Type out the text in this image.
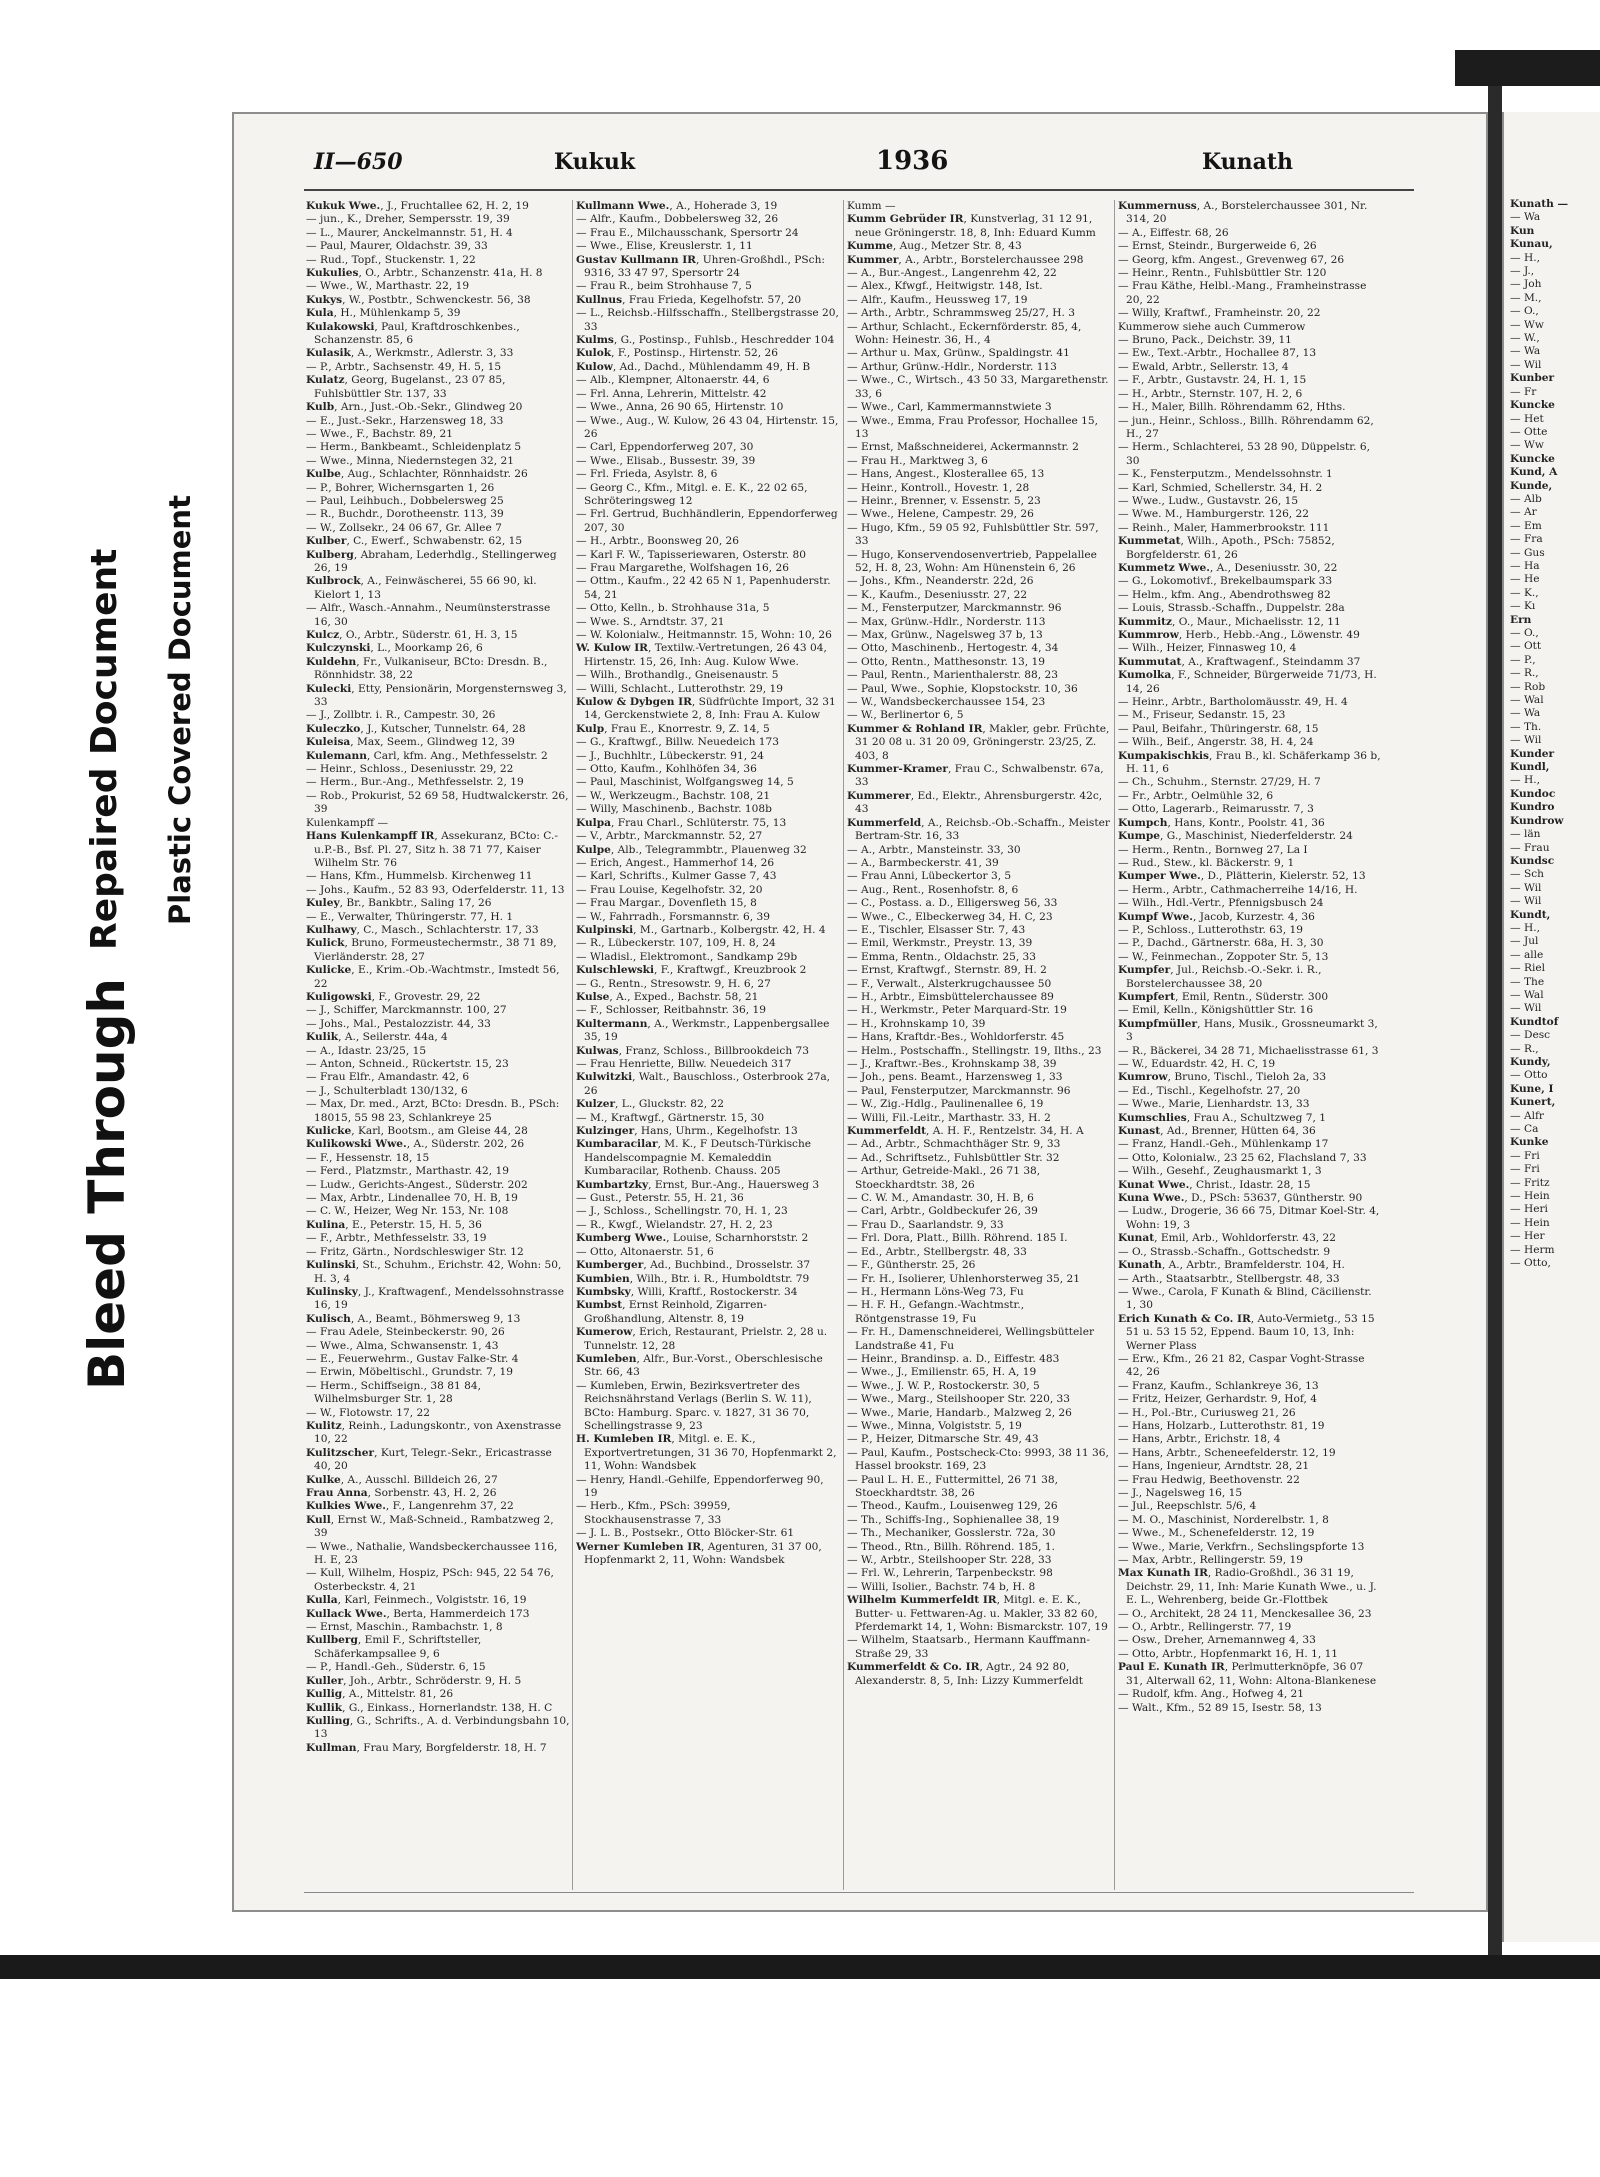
Bleed Through
Repaired Document Plastic Covered Document
II—650	Kukuk	1936	Kunath
Kukuk Wwe., J., Fruchtallee 62, H. 2, 19
— jun., K., Dreher, Sempersstr. 19, 39
— L., Maurer, Anckelmannstr. 51, H. 4
— Paul, Maurer, Oldachstr. 39, 33
— Rud., Topf., Stuckenstr. 1, 22
Kukulies, O., Arbtr., Schanzenstr. 41a, H. 8
— Wwe., W., Marthastr. 22, 19
Kukys, W., Postbtr., Schwenckestr. 56, 38
Kula, H., Mühlenkamp 5, 39
Kulakowski, Paul, Kraftdroschkenbes., Schanzenstr. 85, 6
Kulasik, A., Werkmstr., Adlerstr. 3, 33
— P., Arbtr., Sachsenstr. 49, H. 5, 15
Kulatz, Georg, Bugelanst., 23 07 85, Fuhlsbüttler Str. 137, 33
Kulb, Arn., Just.-Ob.-Sekr., Glindweg 20
— E., Just.-Sekr., Harzensweg 18, 33
— Wwe., F., Bachstr. 89, 21
— Herm., Bankbeamt., Schleidenplatz 5
— Wwe., Minna, Niedernstegen 32, 21
Kulbe, Aug., Schlachter, Rönnhaidstr. 26
— P., Bohrer, Wichernsgarten 1, 26
— Paul, Leihbuch., Dobbelersweg 25
— R., Buchdr., Dorotheenstr. 113, 39
— W., Zollsekr., 24 06 67, Gr. Allee 7
Kulber, C., Ewerf., Schwabenstr. 62, 15
Kulberg, Abraham, Lederhdlg., Stellingerweg 26, 19
Kulbrock, A., Feinwäscherei, 55 66 90, kl. Kielort 1, 13
— Alfr., Wasch.-Annahm., Neumünsterstrasse 16, 30
Kulcz, O., Arbtr., Süderstr. 61, H. 3, 15
Kulczynski, L., Moorkamp 26, 6
Kuldehn, Fr., Vulkaniseur, BCto: Dresdn. B., Rönnhidstr. 38, 22
Kulecki, Etty, Pensionärin, Morgensternsweg 3, 33
— J., Zollbtr. i. R., Campestr. 30, 26
Kuleczko, J., Kutscher, Tunnelstr. 64, 28
Kuleisa, Max, Seem., Glindweg 12, 39
Kulemann, Carl, kfm. Ang., Methfesselstr. 2
— Heinr., Schloss., Deseniusstr. 29, 22
— Herm., Bur.-Ang., Methfesselstr. 2, 19
— Rob., Prokurist, 52 69 58, Hudtwalckerstr. 26, 39
Kulenkampff —
Hans Kulenkampff IR, Assekuranz, BCto: C.-u.P.-B., Bsf. Pl. 27, Sitz h. 38 71 77, Kaiser Wilhelm Str. 76
— Hans, Kfm., Hummelsb. Kirchenweg 11
— Johs., Kaufm., 52 83 93, Oderfelderstr. 11, 13
Kuley, Br., Bankbtr., Saling 17, 26
— E., Verwalter, Thüringerstr. 77, H. 1
Kulhawy, C., Masch., Schlachterstr. 17, 33
Kulick, Bruno, Formeustechermstr., 38 71 89, Vierländerstr. 28, 27
Kulicke, E., Krim.-Ob.-Wachtmstr., Imstedt 56, 22
Kuligowski, F., Grovestr. 29, 22
— J., Schiffer, Marckmannstr. 100, 27
— Johs., Mal., Pestalozzistr. 44, 33
Kulik, A., Seilerstr. 44a, 4
— A., Idastr. 23/25, 15
— Anton, Schneid., Rückertstr. 15, 23
— Frau Elfr., Amandastr. 42, 6
— J., Schulterbladt 130/132, 6
— Max, Dr. med., Arzt, BCto: Dresdn. B., PSch: 18015, 55 98 23, Schlankreye 25
Kulicke, Karl, Bootsm., am Gleise 44, 28
Kulikowski Wwe., A., Süderstr. 202, 26
— F., Hessenstr. 18, 15
— Ferd., Platzmstr., Marthastr. 42, 19
— Ludw., Gerichts-Angest., Süderstr. 202
— Max, Arbtr., Lindenallee 70, H. B, 19
— C. W., Heizer, Weg Nr. 153, Nr. 108
Kulina, E., Peterstr. 15, H. 5, 36
— F., Arbtr., Methfesselstr. 33, 19
— Fritz, Gärtn., Nordschleswiger Str. 12
Kulinski, St., Schuhm., Erichstr. 42, Wohn: 50, H. 3, 4
Kulinsky, J., Kraftwagenf., Mendelssohnstrasse 16, 19
Kulisch, A., Beamt., Böhmersweg 9, 13
— Frau Adele, Steinbeckerstr. 90, 26
— Wwe., Alma, Schwansenstr. 1, 43
— E., Feuerwehrm., Gustav Falke-Str. 4
— Erwin, Möbeltischl., Grundstr. 7, 19
— Herm., Schiffseign., 38 81 84, Wilhelmsburger Str. 1, 28
— W., Flotowstr. 17, 22
Kulitz, Reinh., Ladungskontr., von Axenstrasse 10, 22
Kulitzscher, Kurt, Telegr.-Sekr., Ericastrasse 40, 20
Kulke, A., Ausschl. Billdeich 26, 27
Frau Anna, Sorbenstr. 43, H. 2, 26
Kulkies Wwe., F., Langenrehm 37, 22
Kull, Ernst W., Maß-Schneid., Rambatzweg 2, 39
— Wwe., Nathalie, Wandsbeckerchaussee 116, H. E, 23
— Kull, Wilhelm, Hospiz, PSch: 945, 22 54 76, Osterbeckstr. 4, 21
Kulla, Karl, Feinmech., Volgiststr. 16, 19
Kullack Wwe., Berta, Hammerdeich 173
— Ernst, Maschin., Rambachstr. 1, 8
Kullberg, Emil F., Schriftsteller, Schäferkampsallee 9, 6
— P., Handl.-Geh., Süderstr. 6, 15
Kuller, Joh., Arbtr., Schröderstr. 9, H. 5
Kullig, A., Mittelstr. 81, 26
Kullik, G., Einkass., Hornerlandstr. 138, H. C
Kulling, G., Schrifts., A. d. Verbindungsbahn 10, 13
Kullman, Frau Mary, Borgfelderstr. 18, H. 7
Kullmann Wwe., A., Hoherade 3, 19
— Alfr., Kaufm., Dobbelersweg 32, 26
— Frau E., Milchausschank, Spersortr 24
— Wwe., Elise, Kreuslerstr. 1, 11
Gustav Kullmann IR, Uhren-Großhdl., PSch: 9316, 33 47 97, Spersortr 24
— Frau R., beim Strohhause 7, 5
Kullnus, Frau Frieda, Kegelhofstr. 57, 20
— L., Reichsb.-Hilfsschaffn., Stellbergstrasse 20, 33
Kulms, G., Postinsp., Fuhlsb., Heschredder 104
Kulok, F., Postinsp., Hirtenstr. 52, 26
Kulow, Ad., Dachd., Mühlendamm 49, H. B
— Alb., Klempner, Altonaerstr. 44, 6
— Frl. Anna, Lehrerin, Mittelstr. 42
— Wwe., Anna, 26 90 65, Hirtenstr. 10
— Wwe., Aug., W. Kulow, 26 43 04, Hirtenstr. 15, 26
— Carl, Eppendorferweg 207, 30
— Wwe., Elisab., Bussestr. 39, 39
— Frl. Frieda, Asylstr. 8, 6
— Georg C., Kfm., Mitgl. e. E. K., 22 02 65, Schröteringsweg 12
— Frl. Gertrud, Buchhändlerin, Eppendorferweg 207, 30
— H., Arbtr., Boonsweg 20, 26
— Karl F. W., Tapisseriewaren, Osterstr. 80
— Frau Margarethe, Wolfshagen 16, 26
— Ottm., Kaufm., 22 42 65 N 1, Papenhuderstr. 54, 21
— Otto, Kelln., b. Strohhause 31a, 5
— Wwe. S., Arndtstr. 37, 21
— W. Kolonialw., Heitmannstr. 15, Wohn: 10, 26
W. Kulow IR, Textilw.-Vertretungen, 26 43 04, Hirtenstr. 15, 26, Inh: Aug. Kulow Wwe.
— Wilh., Brothandlg., Gneisenaustr. 5
— Willi, Schlacht., Lutterothstr. 29, 19
Kulow & Dybgen IR, Südfrüchte Import, 32 31 14, Gerckenstwiete 2, 8, Inh: Frau A. Kulow
Kulp, Frau E., Knorrestr. 9, Z. 14, 5
— G., Kraftwgf., Billw. Neuedeich 173
— J., Buchhltr., Lübeckerstr. 91, 24
— Otto, Kaufm., Kohlhöfen 34, 36
— Paul, Maschinist, Wolfgangsweg 14, 5
— W., Werkzeugm., Bachstr. 108, 21
— Willy, Maschinenb., Bachstr. 108b
Kulpa, Frau Charl., Schlüterstr. 75, 13
— V., Arbtr., Marckmannstr. 52, 27
Kulpe, Alb., Telegrammbtr., Plauenweg 32
— Erich, Angest., Hammerhof 14, 26
— Karl, Schrifts., Kulmer Gasse 7, 43
— Frau Louise, Kegelhofstr. 32, 20
— Frau Margar., Dovenfleth 15, 8
— W., Fahrradh., Forsmannstr. 6, 39
Kulpinski, M., Gartnarb., Kolbergstr. 42, H. 4
— R., Lübeckerstr. 107, 109, H. 8, 24
— Wladisl., Elektromont., Sandkamp 29b
Kulschlewski, F., Kraftwgf., Kreuzbrook 2
— G., Rentn., Stresowstr. 9, H. 6, 27
Kulse, A., Exped., Bachstr. 58, 21
— F., Schlosser, Reitbahnstr. 36, 19
Kultermann, A., Werkmstr., Lappenbergsallee 35, 19
Kulwas, Franz, Schloss., Billbrookdeich 73
— Frau Henriette, Billw. Neuedeich 317
Kulwitzki, Walt., Bauschloss., Osterbrook 27a, 26
Kulzer, L., Gluckstr. 82, 22
— M., Kraftwgf., Gärtnerstr. 15, 30
Kulzinger, Hans, Uhrm., Kegelhofstr. 13
Kumbaracilar, M. K., F Deutsch-Türkische Handelscompagnie M. Kemaleddin Kumbaracilar, Rothenb. Chauss. 205
Kumbartzky, Ernst, Bur.-Ang., Hauersweg 3
— Gust., Peterstr. 55, H. 21, 36
— J., Schloss., Schellingstr. 70, H. 1, 23
— R., Kwgf., Wielandstr. 27, H. 2, 23
Kumberg Wwe., Louise, Scharnhorststr. 2
— Otto, Altonaerstr. 51, 6
Kumberger, Ad., Buchbind., Drosselstr. 37
Kumbien, Wilh., Btr. i. R., Humboldtstr. 79
Kumbsky, Willi, Kraftf., Rostockerstr. 34
Kumbst, Ernst Reinhold, Zigarren-Großhandlung, Altenstr. 8, 19
Kumerow, Erich, Restaurant, Prielstr. 2, 28 u. Tunnelstr. 12, 28
Kumleben, Alfr., Bur.-Vorst., Oberschlesische Str. 66, 43
— Kumleben, Erwin, Bezirksvertreter des Reichsnährstand Verlags (Berlin S. W. 11), BCto: Hamburg. Sparc. v. 1827, 31 36 70, Schellingstrasse 9, 23
H. Kumleben IR, Mitgl. e. E. K., Exportvertretungen, 31 36 70, Hopfenmarkt 2, 11, Wohn: Wandsbek
— Henry, Handl.-Gehilfe, Eppendorferweg 90, 19
— Herb., Kfm., PSch: 39959, Stockhausenstrasse 7, 33
— J. L. B., Postsekr., Otto Blöcker-Str. 61
Werner Kumleben IR, Agenturen, 31 37 00, Hopfenmarkt 2, 11, Wohn: Wandsbek
Kumm —
Kumm Gebrüder IR, Kunstverlag, 31 12 91, neue Gröningerstr. 18, 8, Inh: Eduard Kumm
Kumme, Aug., Metzer Str. 8, 43
Kummer, A., Arbtr., Borstelerchaussee 298
— A., Bur.-Angest., Langenrehm 42, 22
— Alex., Kfwgf., Heitwigstr. 148, Ist.
— Alfr., Kaufm., Heussweg 17, 19
— Arth., Arbtr., Schrammsweg 25/27, H. 3
— Arthur, Schlacht., Eckernförderstr. 85, 4, Wohn: Heinestr. 36, H., 4
— Arthur u. Max, Grünw., Spaldingstr. 41
— Arthur, Grünw.-Hdlr., Norderstr. 113
— Wwe., C., Wirtsch., 43 50 33, Margarethenstr. 33, 6
— Wwe., Carl, Kammermannstwiete 3
— Wwe., Emma, Frau Professor, Hochallee 15, 13
— Ernst, Maßschneiderei, Ackermannstr. 2
— Frau H., Marktweg 3, 6
— Hans, Angest., Klosterallee 65, 13
— Heinr., Kontroll., Hovestr. 1, 28
— Heinr., Brenner, v. Essenstr. 5, 23
— Wwe., Helene, Campestr. 29, 26
— Hugo, Kfm., 59 05 92, Fuhlsbüttler Str. 597, 33
— Hugo, Konservendosenvertrieb, Pappelallee 52, H. 8, 23, Wohn: Am Hünenstein 6, 26
— Johs., Kfm., Neanderstr. 22d, 26
— K., Kaufm., Deseniusstr. 27, 22
— M., Fensterputzer, Marckmannstr. 96
— Max, Grünw.-Hdlr., Norderstr. 113
— Max, Grünw., Nagelsweg 37 b, 13
— Otto, Maschinenb., Hertogestr. 4, 34
— Otto, Rentn., Matthesonstr. 13, 19
— Paul, Rentn., Marienthalerstr. 88, 23
— Paul, Wwe., Sophie, Klopstockstr. 10, 36
— W., Wandsbeckerchaussee 154, 23
— W., Berlinertor 6, 5
Kummer & Rohland IR, Makler, gebr. Früchte, 31 20 08 u. 31 20 09, Gröningerstr. 23/25, Z. 403, 8
Kummer-Kramer, Frau C., Schwalbenstr. 67a, 33
Kummerer, Ed., Elektr., Ahrensburgerstr. 42c, 43
Kummerfeld, A., Reichsb.-Ob.-Schaffn., Meister Bertram-Str. 16, 33
— A., Arbtr., Mansteinstr. 33, 30
— A., Barmbeckerstr. 41, 39
— Frau Anni, Lübeckertor 3, 5
— Aug., Rent., Rosenhofstr. 8, 6
— C., Postass. a. D., Elligersweg 56, 33
— Wwe., C., Elbeckerweg 34, H. C, 23
— E., Tischler, Elsasser Str. 7, 43
— Emil, Werkmstr., Preystr. 13, 39
— Emma, Rentn., Oldachstr. 25, 33
— Ernst, Kraftwgf., Sternstr. 89, H. 2
— F., Verwalt., Alsterkrugchaussee 50
— H., Arbtr., Eimsbüttelerchaussee 89
— H., Werkmstr., Peter Marquard-Str. 19
— H., Krohnskamp 10, 39
— Hans, Kraftdr.-Bes., Wohldorferstr. 45
— Helm., Postschaffn., Stellingstr. 19, Ilths., 23
— J., Kraftwr.-Bes., Krohnskamp 38, 39
— Joh., pens. Beamt., Harzensweg 1, 33
— Paul, Fensterputzer, Marckmannstr. 96
— W., Zig.-Hdlg., Paulinenallee 6, 19
— Willi, Fil.-Leitr., Marthastr. 33, H. 2
Kummerfeldt, A. H. F., Rentzelstr. 34, H. A
— Ad., Arbtr., Schmachthäger Str. 9, 33
— Ad., Schriftsetz., Fuhlsbüttler Str. 32
— Arthur, Getreide-Makl., 26 71 38, Stoeckhardtstr. 38, 26
— C. W. M., Amandastr. 30, H. B, 6
— Carl, Arbtr., Goldbeckufer 26, 39
— Frau D., Saarlandstr. 9, 33
— Frl. Dora, Platt., Billh. Röhrend. 185 I.
— Ed., Arbtr., Stellbergstr. 48, 33
— F., Güntherstr. 25, 26
— Fr. H., Isolierer, Uhlenhorsterweg 35, 21
— H., Hermann Löns-Weg 73, Fu
— H. F. H., Gefangn.-Wachtmstr., Röntgenstrasse 19, Fu
— Fr. H., Damenschneiderei, Wellingsbütteler Landstraße 41, Fu
— Heinr., Brandinsp. a. D., Eiffestr. 483
— Wwe., J., Emilienstr. 65, H. A, 19
— Wwe., J. W. P., Rostockerstr. 30, 5
— Wwe., Marg., Steilshooper Str. 220, 33
— Wwe., Marie, Handarb., Malzweg 2, 26
— Wwe., Minna, Volgiststr. 5, 19
— P., Heizer, Ditmarsche Str. 49, 43
— Paul, Kaufm., Postscheck-Cto: 9993, 38 11 36, Hassel brookstr. 169, 23
— Paul L. H. E., Futtermittel, 26 71 38, Stoeckhardtstr. 38, 26
— Theod., Kaufm., Louisenweg 129, 26
— Th., Schiffs-Ing., Sophienallee 38, 19
— Th., Mechaniker, Gosslerstr. 72a, 30
— Theod., Rtn., Billh. Röhrend. 185, 1.
— W., Arbtr., Steilshooper Str. 228, 33
— Frl. W., Lehrerin, Tarpenbeckstr. 98
— Willi, Isolier., Bachstr. 74 b, H. 8
Wilhelm Kummerfeldt IR, Mitgl. e. E. K., Butter- u. Fettwaren-Ag. u. Makler, 33 82 60, Pferdemarkt 14, 1, Wohn: Bismarckstr. 107, 19
— Wilhelm, Staatsarb., Hermann Kauffmann-Straße 29, 33
Kummerfeldt & Co. IR, Agtr., 24 92 80, Alexanderstr. 8, 5, Inh: Lizzy Kummerfeldt
Kummernuss, A., Borstelerchaussee 301, Nr. 314, 20
— A., Eiffestr. 68, 26
— Ernst, Steindr., Burgerweide 6, 26
— Georg, kfm. Angest., Grevenweg 67, 26
— Heinr., Rentn., Fuhlsbüttler Str. 120
— Frau Käthe, Helbl.-Mang., Framheinstrasse 20, 22
— Willy, Kraftwf., Framheinstr. 20, 22
Kummerow siehe auch Cummerow
— Bruno, Pack., Deichstr. 39, 11
— Ew., Text.-Arbtr., Hochallee 87, 13
— Ewald, Arbtr., Sellerstr. 13, 4
— F., Arbtr., Gustavstr. 24, H. 1, 15
— H., Arbtr., Sternstr. 107, H. 2, 6
— H., Maler, Billh. Röhrendamm 62, Hths.
— jun., Heinr., Schloss., Billh. Röhrendamm 62, H., 27
— Herm., Schlachterei, 53 28 90, Düppelstr. 6, 30
— K., Fensterputzm., Mendelssohnstr. 1
— Karl, Schmied, Schellerstr. 34, H. 2
— Wwe., Ludw., Gustavstr. 26, 15
— Wwe. M., Hamburgerstr. 126, 22
— Reinh., Maler, Hammerbrookstr. 111
Kummetat, Wilh., Apoth., PSch: 75852, Borgfelderstr. 61, 26
Kummetz Wwe., A., Deseniusstr. 30, 22
— G., Lokomotivf., Brekelbaumspark 33
— Helm., kfm. Ang., Abendrothsweg 82
— Louis, Strassb.-Schaffn., Duppelstr. 28a
Kummitz, O., Maur., Michaelisstr. 12, 11
Kummrow, Herb., Hebb.-Ang., Löwenstr. 49
— Wilh., Heizer, Finnasweg 10, 4
Kummutat, A., Kraftwagenf., Steindamm 37
Kumolka, F., Schneider, Bürgerweide 71/73, H. 14, 26
— Heinr., Arbtr., Bartholomäusstr. 49, H. 4
— M., Friseur, Sedanstr. 15, 23
— Paul, Beifahr., Thüringerstr. 68, 15
— Wilh., Beif., Angerstr. 38, H. 4, 24
Kumpakischkis, Frau B., kl. Schäferkamp 36 b, H. 11, 6
— Ch., Schuhm., Sternstr. 27/29, H. 7
— Fr., Arbtr., Oelmühle 32, 6
— Otto, Lagerarb., Reimarusstr. 7, 3
Kumpch, Hans, Kontr., Poolstr. 41, 36
Kumpe, G., Maschinist, Niederfelderstr. 24
— Herm., Rentn., Bornweg 27, La I
— Rud., Stew., kl. Bäckerstr. 9, 1
Kumper Wwe., D., Plätterin, Kielerstr. 52, 13
— Herm., Arbtr., Cathmacherreihe 14/16, H.
— Wilh., Hdl.-Vertr., Pfennigsbusch 24
Kumpf Wwe., Jacob, Kurzestr. 4, 36
— P., Schloss., Lutterothstr. 63, 19
— P., Dachd., Gärtnerstr. 68a, H. 3, 30
— W., Feinmechan., Zoppoter Str. 5, 13
Kumpfer, Jul., Reichsb.-O.-Sekr. i. R., Borstelerchaussee 38, 20
Kumpfert, Emil, Rentn., Süderstr. 300
— Emil, Kelln., Königshüttler Str. 16
Kumpfmüller, Hans, Musik., Grossneumarkt 3, 3
— R., Bäckerei, 34 28 71, Michaelisstrasse 61, 3
— W., Eduardstr. 42, H. C, 19
Kumrow, Bruno, Tischl., Tieloh 2a, 33
— Ed., Tischl., Kegelhofstr. 27, 20
— Wwe., Marie, Lienhardstr. 13, 33
Kumschlies, Frau A., Schultzweg 7, 1
Kunast, Ad., Brenner, Hütten 64, 36
— Franz, Handl.-Geh., Mühlenkamp 17
— Otto, Kolonialw., 23 25 62, Flachsland 7, 33
— Wilh., Gesehf., Zeughausmarkt 1, 3
Kunat Wwe., Christ., Idastr. 28, 15
Kuna Wwe., D., PSch: 53637, Güntherstr. 90
— Ludw., Drogerie, 36 66 75, Ditmar Koel-Str. 4, Wohn: 19, 3
Kunat, Emil, Arb., Wohldorferstr. 43, 22
— O., Strassb.-Schaffn., Gottschedstr. 9
Kunath, A., Arbtr., Bramfelderstr. 104, H.
— Arth., Staatsarbtr., Stellbergstr. 48, 33
— Wwe., Carola, F Kunath & Blind, Cäcilienstr. 1, 30
Erich Kunath & Co. IR, Auto-Vermietg., 53 15 51 u. 53 15 52, Eppend. Baum 10, 13, Inh: Werner Plass
— Erw., Kfm., 26 21 82, Caspar Voght-Strasse 42, 26
— Franz, Kaufm., Schlankreye 36, 13
— Fritz, Heizer, Gerhardstr. 9, Hof, 4
— H., Pol.-Btr., Curiusweg 21, 26
— Hans, Holzarb., Lutterothstr. 81, 19
— Hans, Arbtr., Erichstr. 18, 4
— Hans, Arbtr., Scheneefelderstr. 12, 19
— Hans, Ingenieur, Arndtstr. 28, 21
— Frau Hedwig, Beethovenstr. 22
— J., Nagelsweg 16, 15
— Jul., Reepschlstr. 5/6, 4
— M. O., Maschinist, Norderelbstr. 1, 8
— Wwe., M., Schenefelderstr. 12, 19
— Wwe., Marie, Verkfrn., Sechslingspforte 13
— Max, Arbtr., Rellingerstr. 59, 19
Max Kunath IR, Radio-Großhdl., 36 31 19, Deichstr. 29, 11, Inh: Marie Kunath Wwe., u. J. E. L., Wehrenberg, beide Gr.-Flottbek
— O., Architekt, 28 24 11, Menckesallee 36, 23
— O., Arbtr., Rellingerstr. 77, 19
— Osw., Dreher, Arnemannweg 4, 33
— Otto, Arbtr., Hopfenmarkt 16, H. 1, 11
Paul E. Kunath IR, Perlmutterknöpfe, 36 07 31, Alterwall 62, 11, Wohn: Altona-Blankenese
— Rudolf, kfm. Ang., Hofweg 4, 21
— Walt., Kfm., 52 89 15, Isestr. 58, 13
Kunath —
— Wa
Kun
Kunau,
— H.,
— J.,
— Joh
— M.,
— O.,
— Ww
— W.,
— Wa
— Wil
Kunber
— Fr
Kuncke
— Het
— Otte
— Ww
Kuncke
Kund, A
Kunde,
— Alb
— Ar
— Em
— Fra
— Gus
— Ha
— He
— K.,
— Kı
Ern
— O.,
— Ott
— P.,
— R.,
— Rob
— Wal
— Wa
— Th.
— Wil
Kunder
Kundl,
— H.,
Kundoc
Kundro
Kundrow
— län
— Frau
Kundsc
— Sch
— Wil
— Wil
Kundt,
— H.,
— Jul
— alle
— Riel
— The
— Wal
— Wil
Kundtof
— Desc
— R.,
Kundy,
— Otto
Kune, I
Kunert,
— Alfr
— Ca
Kunke
— Fri
— Fri
— Fritz
— Hein
— Heri
— Hein
— Her
— Herm
— Otto,
